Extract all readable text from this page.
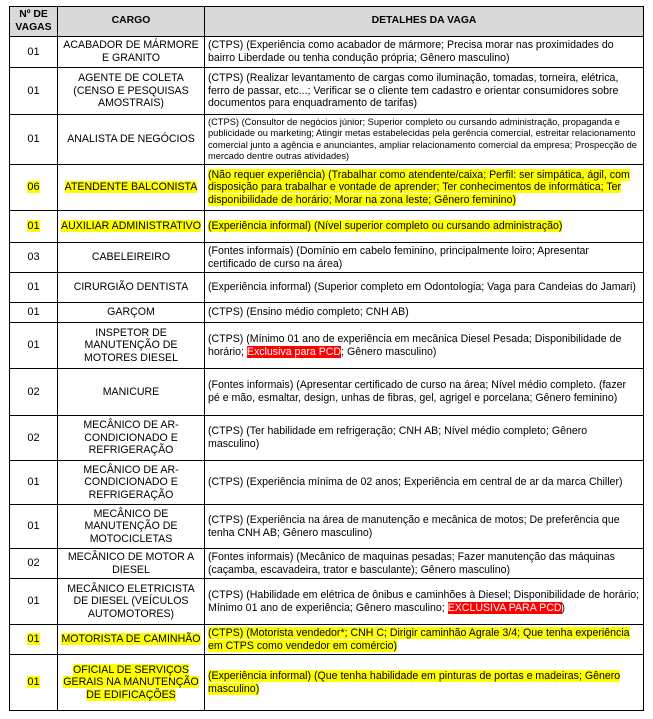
Nº DE VAGAS	CARGO	DETALHES DA VAGA
01	ACABADOR DE MÁRMORE E GRANITO	(CTPS) (Experiência como acabador de mármore; Precisa morar nas proximidades do bairro Liberdade ou tenha condução própria; Gênero masculino)
01	AGENTE DE COLETA (CENSO E PESQUISAS AMOSTRAIS)	(CTPS) (Realizar levantamento de cargas como iluminação, tomadas, torneira, elétrica, ferro de passar, etc...; Verificar se o cliente tem cadastro e orientar consumidores sobre documentos para enquadramento de tarifas)
01	ANALISTA DE NEGÓCIOS	(CTPS) (Consultor de negócios júnior; Superior completo ou cursando administração, propaganda e publicidade ou marketing; Atingir metas estabelecidas pela gerência comercial, estreitar relacionamento comercial junto a agência e anunciantes, ampliar relacionamento comercial da empresa; Prospecção de mercado dentre outras atividades)
06	ATENDENTE BALCONISTA	(Não requer experiência) (Trabalhar como atendente/caixa; Perfil: ser simpática, ágil, com disposição para trabalhar e vontade de aprender; Ter conhecimentos de informática; Ter disponibilidade de horário; Morar na zona leste; Gênero feminino)
01	AUXILIAR ADMINISTRATIVO	(Experiência informal) (Nível superior completo ou cursando administração)
03	CABELEIREIRO	(Fontes informais) (Domínio em cabelo feminino, principalmente loiro; Apresentar certificado de curso na área)
01	CIRURGIÃO DENTISTA	(Experiência informal) (Superior completo em Odontologia; Vaga para Candeias do Jamari)
01	GARÇOM	(CTPS) (Ensino médio completo; CNH AB)
01	INSPETOR DE MANUTENÇÃO DE MOTORES DIESEL	(CTPS) (Mínimo 01 ano de experiência em mecânica Diesel Pesada; Disponibilidade de horário; Exclusiva para PCD; Gênero masculino)
02	MANICURE	(Fontes informais) (Apresentar certificado de curso na área; Nível médio completo. (fazer pé e mão, esmaltar, design, unhas de fibras, gel, agrigel e porcelana; Gênero feminino)
02	MECÂNICO DE AR-CONDICIONADO E REFRIGERAÇÃO	(CTPS) (Ter habilidade em refrigeração; CNH AB; Nível médio completo; Gênero masculino)
01	MECÂNICO DE AR-CONDICIONADO E REFRIGERAÇÃO	(CTPS) (Experiência mínima de 02 anos; Experiência em central de ar da marca Chiller)
01	MECÂNICO DE MANUTENÇÃO DE MOTOCICLETAS	(CTPS) (Experiência na área de manutenção e mecânica de motos; De preferência que tenha CNH AB; Gênero masculino)
02	MECÂNICO DE MOTOR A DIESEL	(Fontes informais) (Mecânico de maquinas pesadas; Fazer manutenção das máquinas (caçamba, escavadeira, trator e basculante); Gênero masculino)
01	MECÂNICO ELETRICISTA DE DIESEL (VEÍCULOS AUTOMOTORES)	(CTPS) (Habilidade em elétrica de ônibus e caminhões à Diesel; Disponibilidade de horário; Mínimo 01 ano de experiência; Gênero masculino; EXCLUSIVA PARA PCD)
01	MOTORISTA DE CAMINHÃO	(CTPS) (Motorista vendedor*; CNH C; Dirigir caminhão Agrale 3/4; Que tenha experiência em CTPS como vendedor em comércio)
01	OFICIAL DE SERVIÇOS GERAIS NA MANUTENÇÃO DE EDIFICAÇÕES	(Experiência informal) (Que tenha habilidade em pinturas de portas e madeiras; Gênero masculino)
